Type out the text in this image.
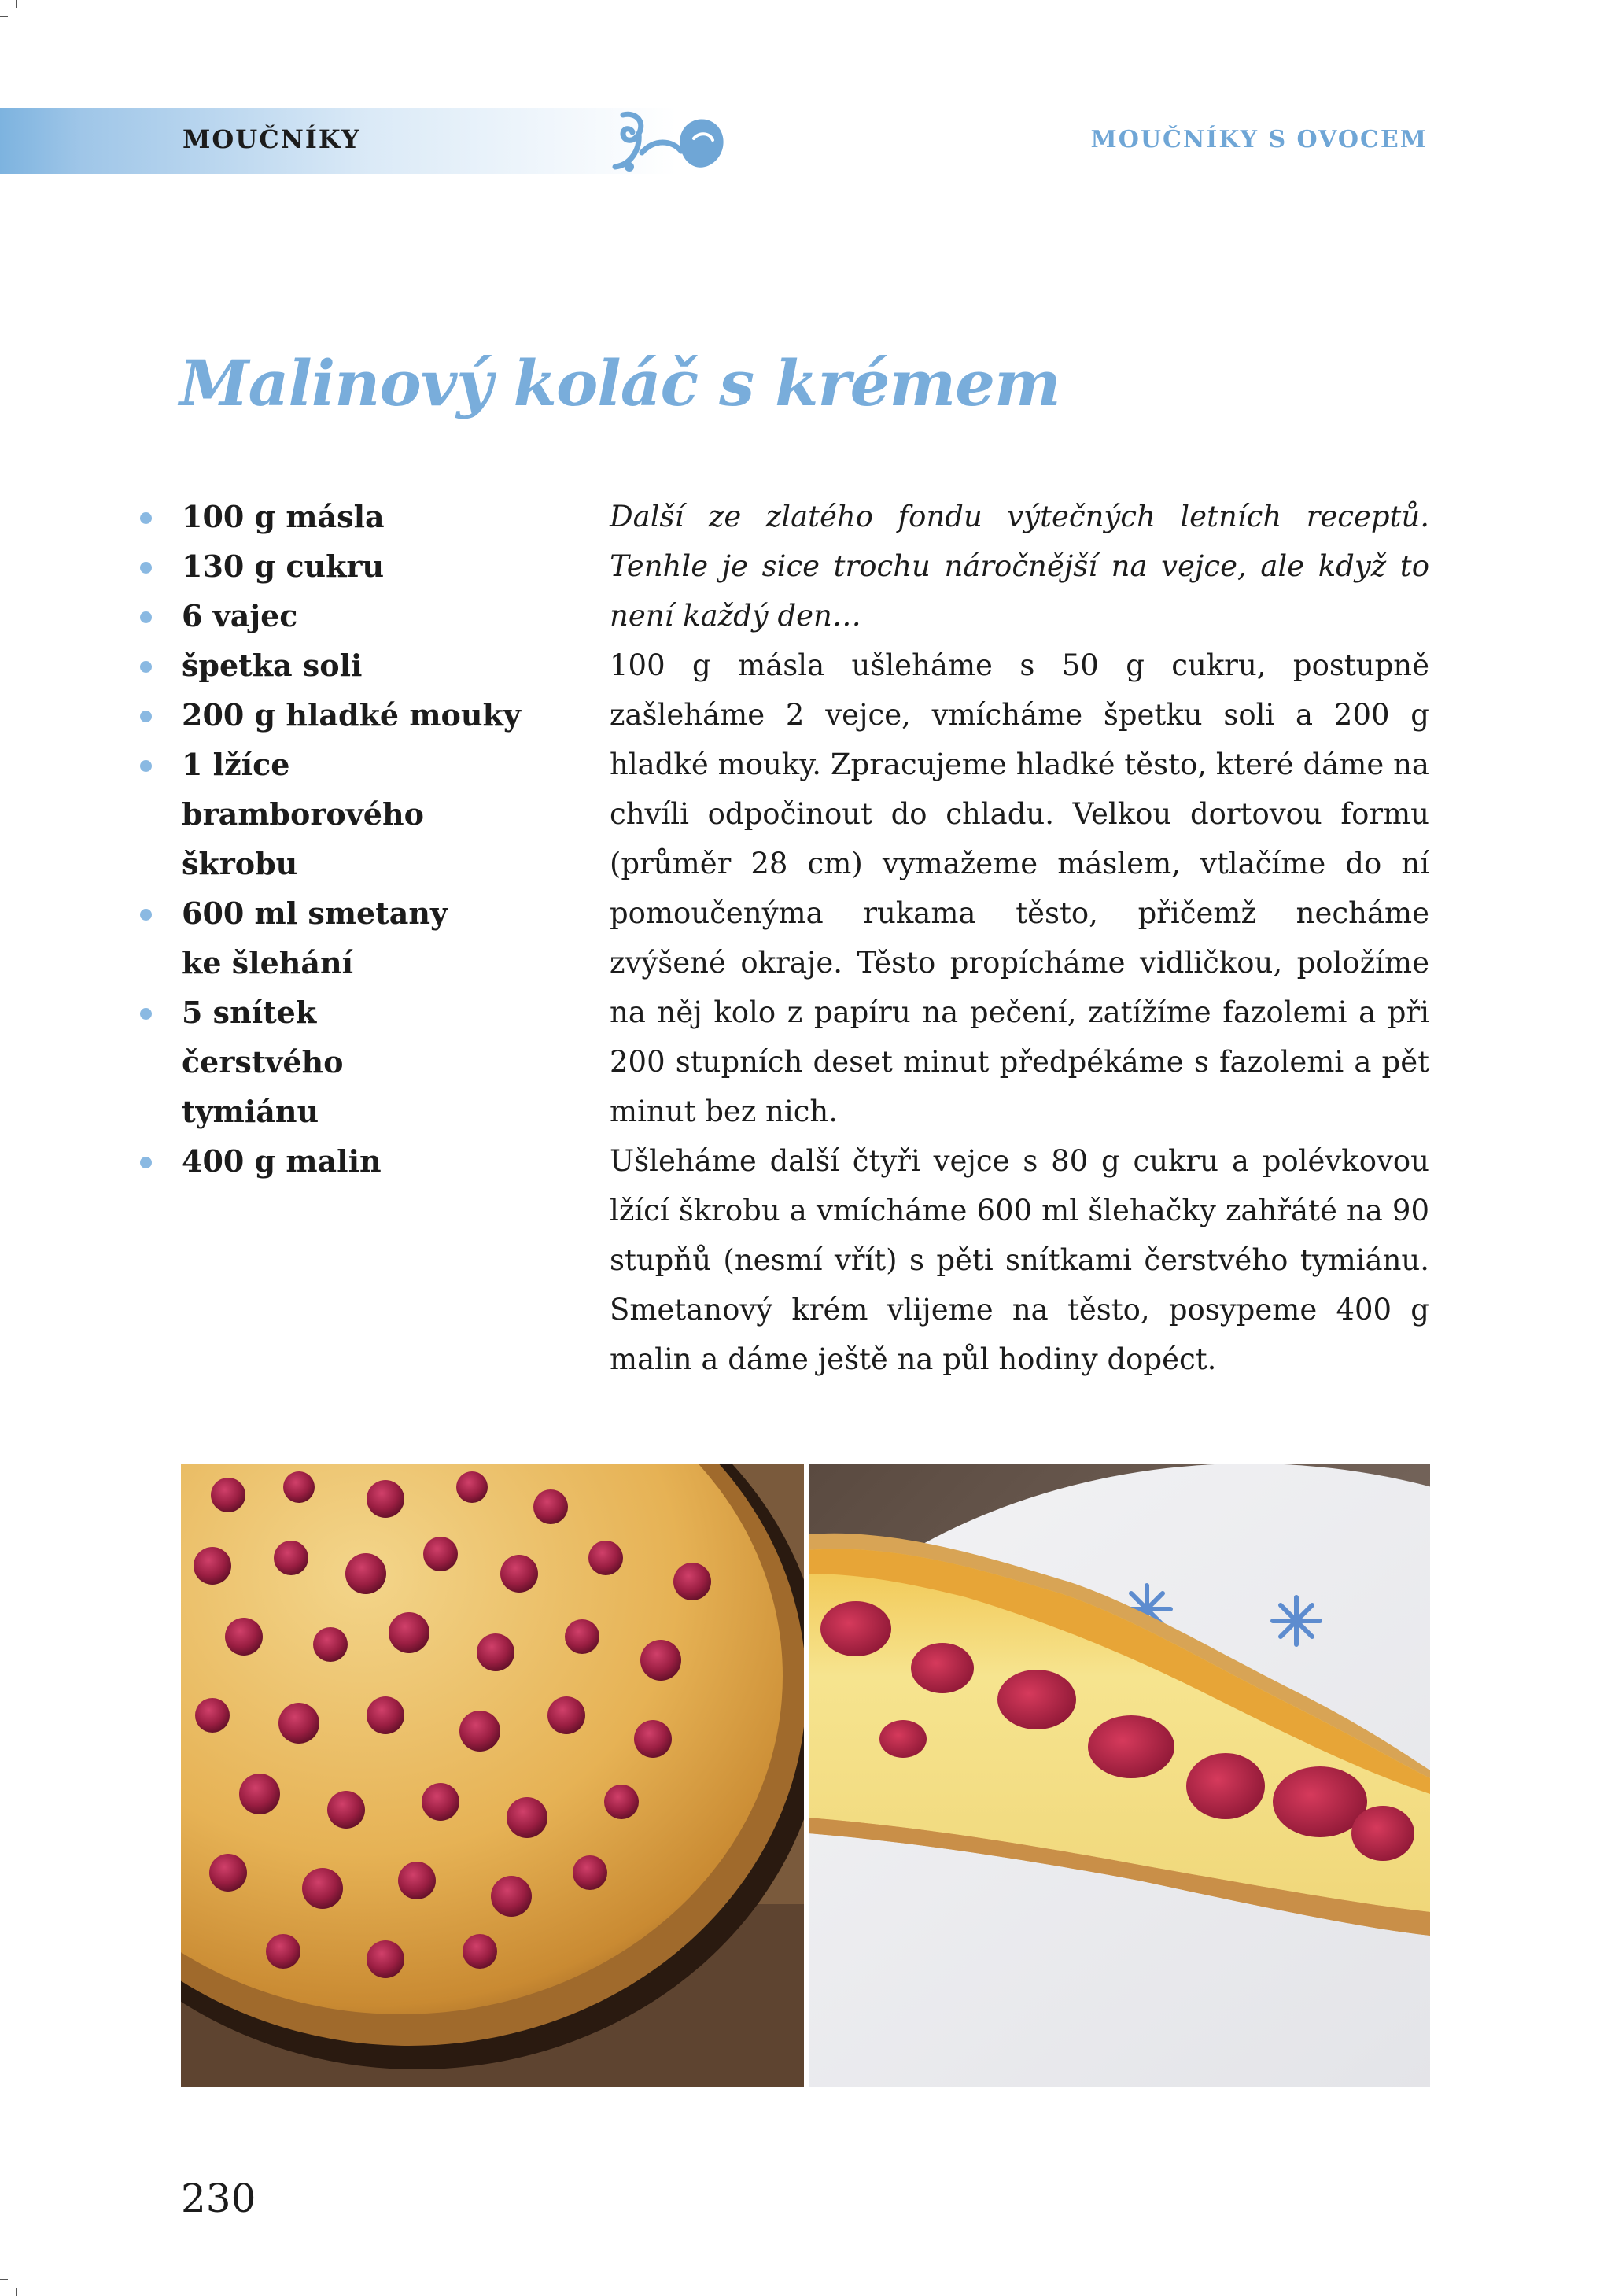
MOUČNÍKY	MOUČNÍKY S OVOCEM
Malinový koláč s krémem
100 g másla
130 g cukru
6 vajec
špetka soli
200 g hladké mouky
1 lžíce bramborového škrobu
600 ml smetany ke šlehání
5 snítek čerstvého tymiánu
400 g malin

Další ze zlatého fondu výtečných letních receptů. Tenhle je sice trochu náročnější na vejce, ale když to není každý den…

100 g másla ušleháme s 50 g cukru, postupně zašleháme 2 vejce, vmícháme špetku soli a 200 g hladké mouky. Zpracujeme hladké těsto, které dáme na chvíli odpočinout do chladu. Velkou dortovou formu (průměr 28 cm) vymažeme máslem, vtlačíme do ní pomoučenýma rukama těsto, přičemž necháme zvýšené okraje. Těsto propícháme vidličkou, položíme na něj kolo z papíru na pečení, zatížíme fazolemi a při 200 stupních deset minut předpékáme s fazolemi a pět minut bez nich.

Ušleháme další čtyři vejce s 80 g cukru a polévkovou lžící škrobu a vmícháme 600 ml šlehačky zahřáté na 90 stupňů (nesmí vřít) s pěti snítkami čerstvého tymiánu. Smetanový krém vlijeme na těsto, posypeme 400 g malin a dáme ještě na půl hodiny dopéct.

230
